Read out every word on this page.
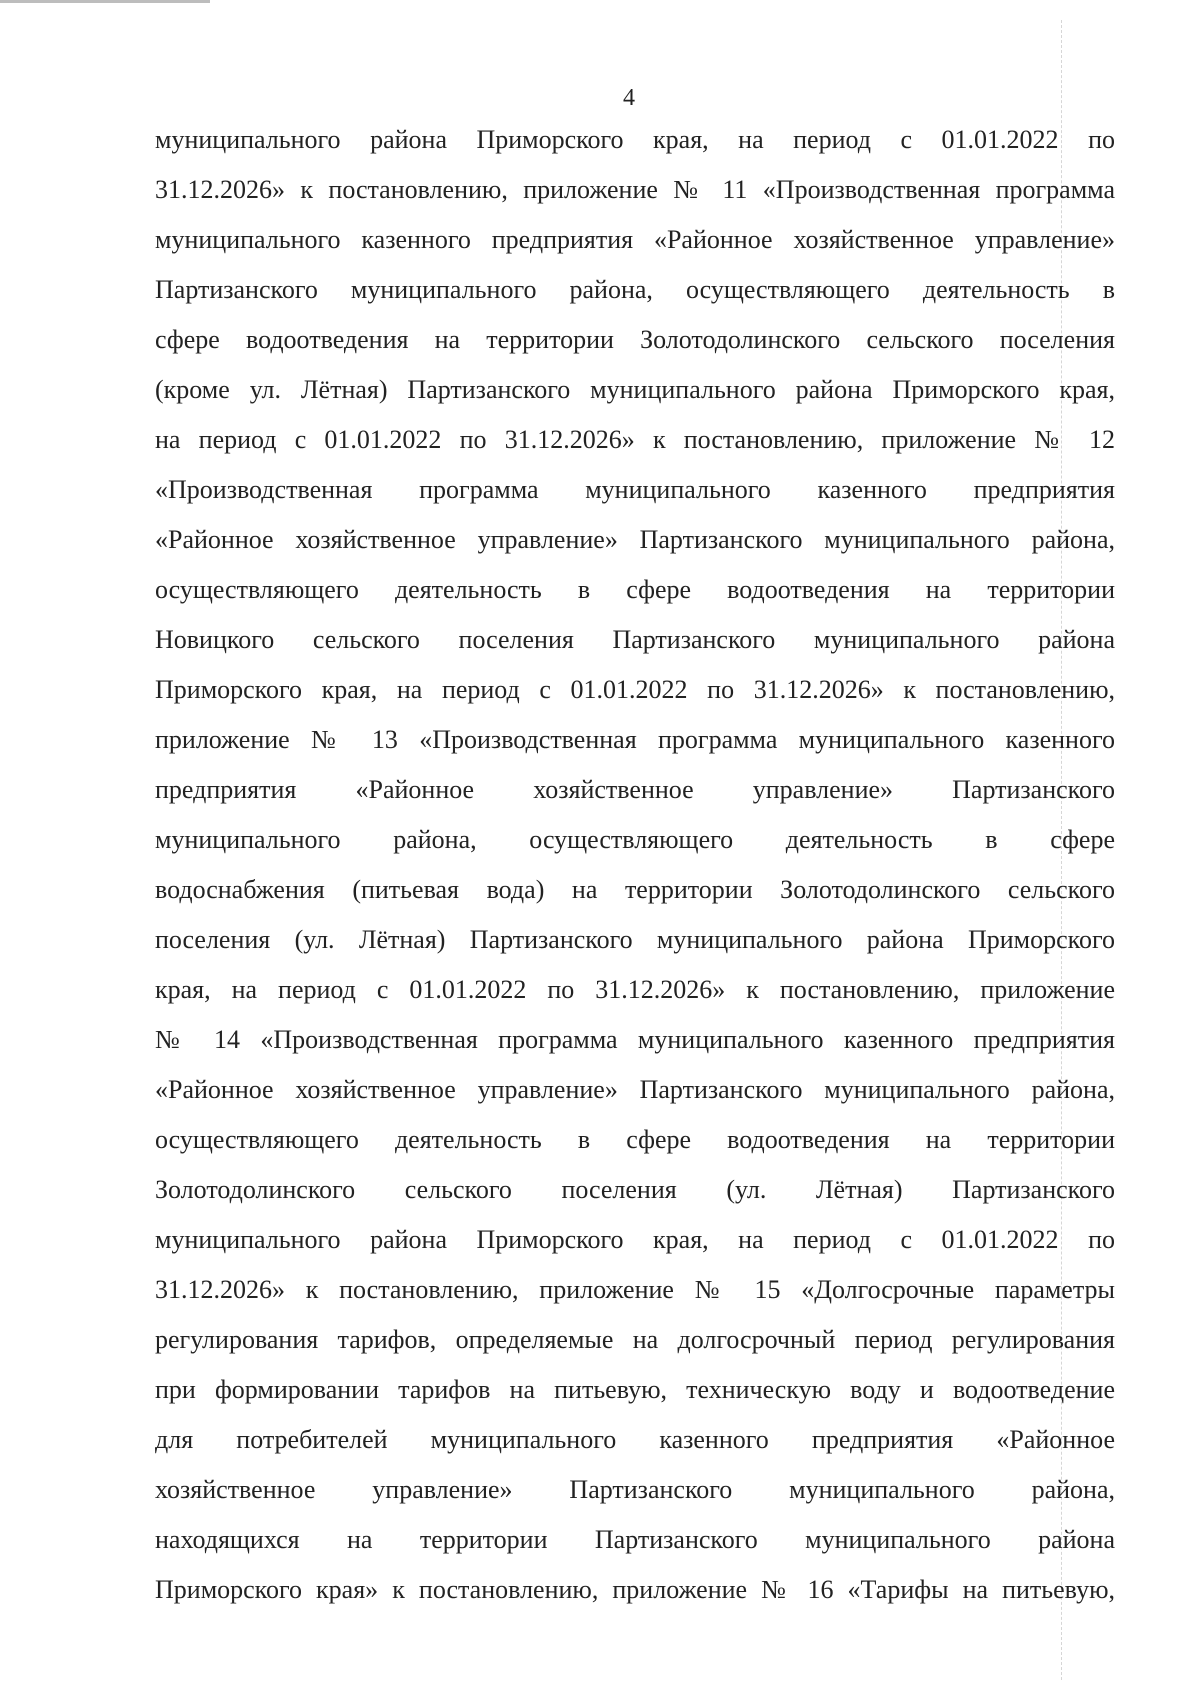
4
муниципального района Приморского края, на период с 01.01.2022 по
31.12.2026» к постановлению, приложение № 11 «Производственная программа
муниципального казенного предприятия «Районное хозяйственное управление»
Партизанского муниципального района, осуществляющего деятельность в
сфере водоотведения на территории Золотодолинского сельского поселения
(кроме ул. Лётная) Партизанского муниципального района Приморского края,
на период с 01.01.2022 по 31.12.2026» к постановлению, приложение № 12
«Производственная программа муниципального казенного предприятия
«Районное хозяйственное управление» Партизанского муниципального района,
осуществляющего деятельность в сфере водоотведения на территории
Новицкого сельского поселения Партизанского муниципального района
Приморского края, на период с 01.01.2022 по 31.12.2026» к постановлению,
приложение № 13 «Производственная программа муниципального казенного
предприятия «Районное хозяйственное управление» Партизанского
муниципального района, осуществляющего деятельность в сфере
водоснабжения (питьевая вода) на территории Золотодолинского сельского
поселения (ул. Лётная) Партизанского муниципального района Приморского
края, на период с 01.01.2022 по 31.12.2026» к постановлению, приложение
№ 14 «Производственная программа муниципального казенного предприятия
«Районное хозяйственное управление» Партизанского муниципального района,
осуществляющего деятельность в сфере водоотведения на территории
Золотодолинского сельского поселения (ул. Лётная) Партизанского
муниципального района Приморского края, на период с 01.01.2022 по
31.12.2026» к постановлению, приложение № 15 «Долгосрочные параметры
регулирования тарифов, определяемые на долгосрочный период регулирования
при формировании тарифов на питьевую, техническую воду и водоотведение
для потребителей муниципального казенного предприятия «Районное
хозяйственное управление» Партизанского муниципального района,
находящихся на территории Партизанского муниципального района
Приморского края» к постановлению, приложение № 16 «Тарифы на питьевую,
